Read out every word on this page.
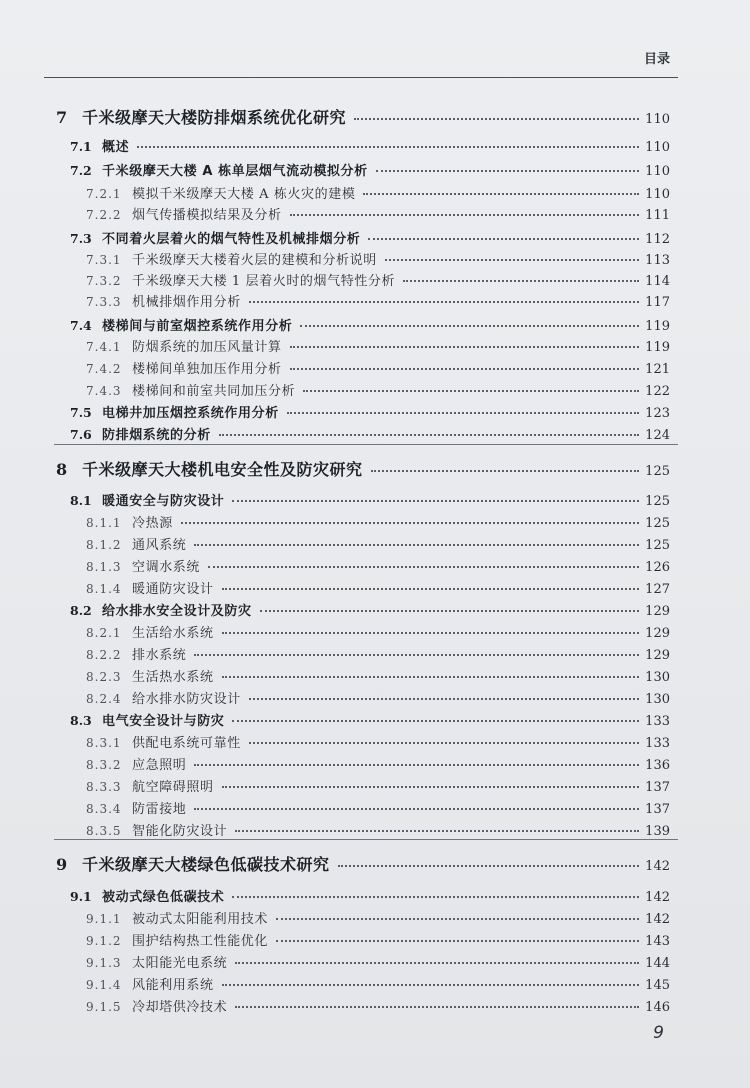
目录
7 千米级摩天大楼防排烟系统优化研究	110
7.1 概述	110
7.2 千米级摩天大楼 A 栋单层烟气流动模拟分析	110
7.2.1 模拟千米级摩天大楼 A 栋火灾的建模	110
7.2.2 烟气传播模拟结果及分析	111
7.3 不同着火层着火的烟气特性及机械排烟分析	112
7.3.1 千米级摩天大楼着火层的建模和分析说明	113
7.3.2 千米级摩天大楼 1 层着火时的烟气特性分析	114
7.3.3 机械排烟作用分析	117
7.4 楼梯间与前室烟控系统作用分析	119
7.4.1 防烟系统的加压风量计算	119
7.4.2 楼梯间单独加压作用分析	121
7.4.3 楼梯间和前室共同加压分析	122
7.5 电梯井加压烟控系统作用分析	123
7.6 防排烟系统的分析	124
8 千米级摩天大楼机电安全性及防灾研究	125
8.1 暖通安全与防灾设计	125
8.1.1 冷热源	125
8.1.2 通风系统	125
8.1.3 空调水系统	126
8.1.4 暖通防灾设计	127
8.2 给水排水安全设计及防灾	129
8.2.1 生活给水系统	129
8.2.2 排水系统	129
8.2.3 生活热水系统	130
8.2.4 给水排水防灾设计	130
8.3 电气安全设计与防灾	133
8.3.1 供配电系统可靠性	133
8.3.2 应急照明	136
8.3.3 航空障碍照明	137
8.3.4 防雷接地	137
8.3.5 智能化防灾设计	139
9 千米级摩天大楼绿色低碳技术研究	142
9.1 被动式绿色低碳技术	142
9.1.1 被动式太阳能利用技术	142
9.1.2 围护结构热工性能优化	143
9.1.3 太阳能光电系统	144
9.1.4 风能利用系统	145
9.1.5 冷却塔供冷技术	146
9
